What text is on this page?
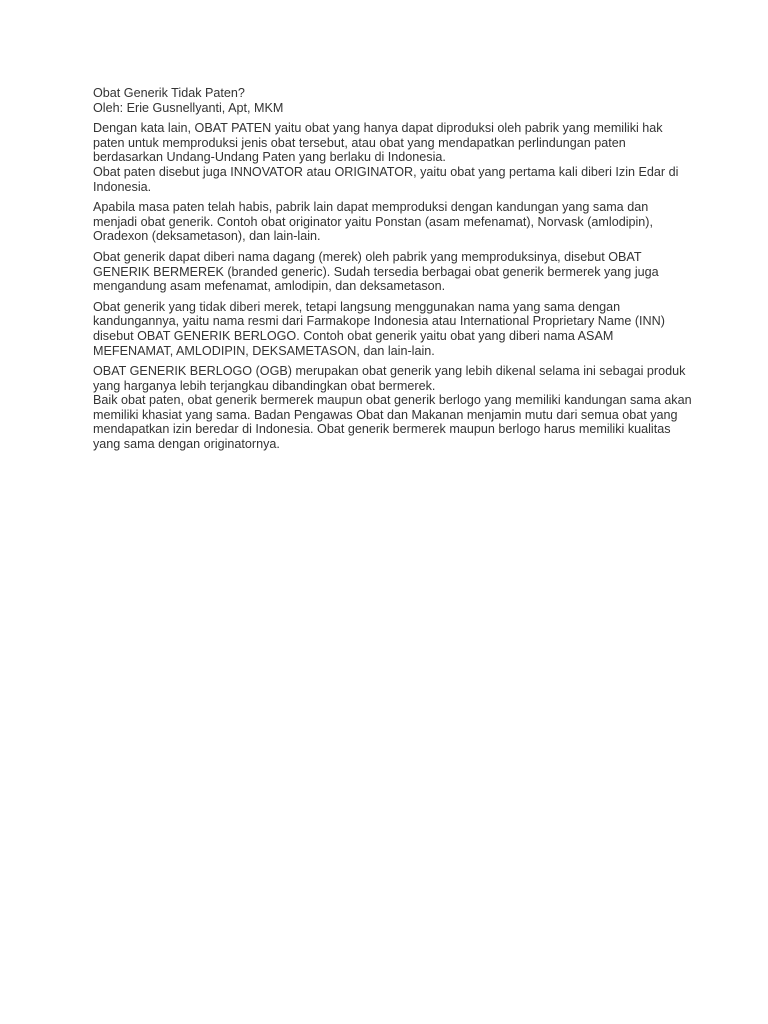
Obat Generik Tidak Paten?

Oleh: Erie Gusnellyanti, Apt, MKM

Dengan kata lain, OBAT PATEN yaitu obat yang hanya dapat diproduksi oleh pabrik yang memiliki hak paten untuk memproduksi jenis obat tersebut, atau obat yang mendapatkan perlindungan paten berdasarkan Undang-Undang Paten yang berlaku di Indonesia.

Obat paten disebut juga INNOVATOR atau ORIGINATOR, yaitu obat yang pertama kali diberi Izin Edar di Indonesia.

Apabila masa paten telah habis, pabrik lain dapat memproduksi dengan kandungan yang sama dan menjadi obat generik. Contoh obat originator yaitu Ponstan (asam mefenamat), Norvask (amlodipin), Oradexon (deksametason), dan lain-lain.

Obat generik dapat diberi nama dagang (merek) oleh pabrik yang memproduksinya, disebut OBAT GENERIK BERMEREK (branded generic). Sudah tersedia berbagai obat generik bermerek yang juga mengandung asam mefenamat, amlodipin, dan deksametason.

Obat generik yang tidak diberi merek, tetapi langsung menggunakan nama yang sama dengan kandungannya, yaitu nama resmi dari Farmakope Indonesia atau International Proprietary Name (INN) disebut OBAT GENERIK BERLOGO. Contoh obat generik yaitu obat yang diberi nama ASAM MEFENAMAT, AMLODIPIN, DEKSAMETASON, dan lain-lain.

OBAT GENERIK BERLOGO (OGB) merupakan obat generik yang lebih dikenal selama ini sebagai produk yang harganya lebih terjangkau dibandingkan obat bermerek.

Baik obat paten, obat generik bermerek maupun obat generik berlogo yang memiliki kandungan sama akan memiliki khasiat yang sama. Badan Pengawas Obat dan Makanan menjamin mutu dari semua obat yang mendapatkan izin beredar di Indonesia. Obat generik bermerek maupun berlogo harus memiliki kualitas yang sama dengan originatornya.
